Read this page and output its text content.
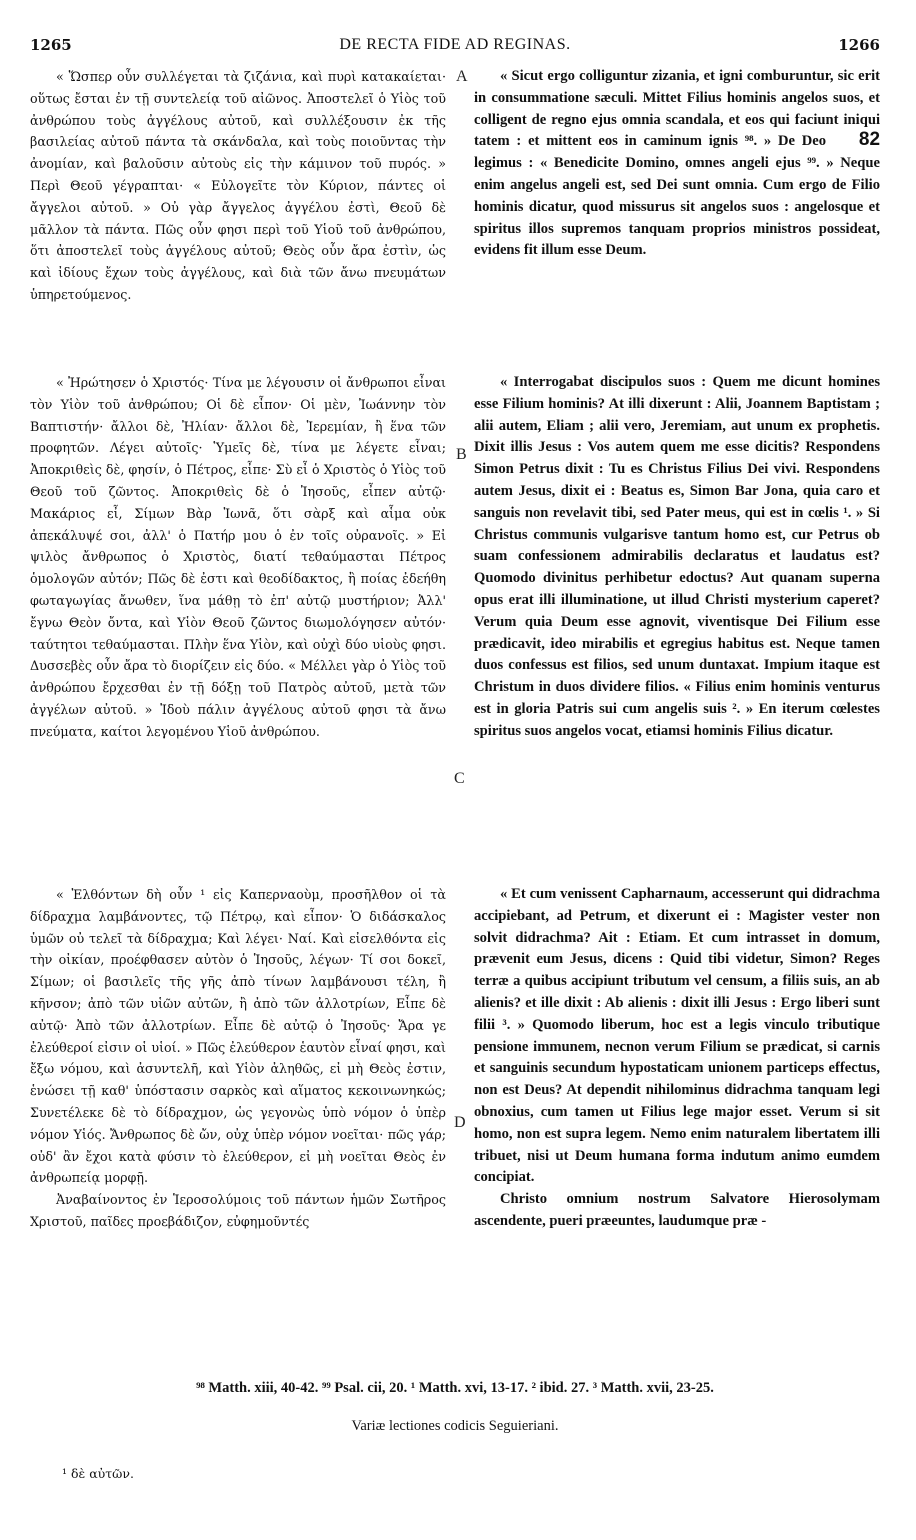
1265	DE RECTA FIDE AD REGINAS.	1266
A
B
C
D

« Ὥσπερ οὖν συλλέγεται τὰ ζιζάνια, καὶ πυρὶ κατακαίεται· οὕτως ἔσται ἐν τῇ συντελείᾳ τοῦ αἰῶνος. Ἀποστελεῖ ὁ Υἱὸς τοῦ ἀνθρώπου τοὺς ἀγγέλους αὐτοῦ, καὶ συλλέξουσιν ἐκ τῆς βασιλείας αὐτοῦ πάντα τὰ σκάνδαλα, καὶ τοὺς ποιοῦντας τὴν ἀνομίαν, καὶ βαλοῦσιν αὐτοὺς εἰς τὴν κάμινον τοῦ πυρός. » Περὶ Θεοῦ γέγραπται· « Εὐλογεῖτε τὸν Κύριον, πάντες οἱ ἄγγελοι αὐτοῦ. » Οὐ γὰρ ἄγγελος ἀγγέλου ἐστὶ, Θεοῦ δὲ μᾶλλον τὰ πάντα. Πῶς οὖν φησι περὶ τοῦ Υἱοῦ τοῦ ἀνθρώπου, ὅτι ἀποστελεῖ τοὺς ἀγγέλους αὐτοῦ; Θεὸς οὖν ἄρα ἐστὶν, ὡς καὶ ἰδίους ἔχων τοὺς ἀγγέλους, καὶ διὰ τῶν ἄνω πνευμάτων ὑπηρετούμενος.

« Ἠρώτησεν ὁ Χριστός· Τίνα με λέγουσιν οἱ ἄνθρωποι εἶναι τὸν Υἱὸν τοῦ ἀνθρώπου; Οἱ δὲ εἶπον· Οἱ μὲν, Ἰωάννην τὸν Βαπτιστήν· ἄλλοι δὲ, Ἠλίαν· ἄλλοι δὲ, Ἱερεμίαν, ἢ ἕνα τῶν προφητῶν. Λέγει αὐτοῖς· Ὑμεῖς δὲ, τίνα με λέγετε εἶναι; Ἀποκριθεὶς δὲ, φησίν, ὁ Πέτρος, εἶπε· Σὺ εἶ ὁ Χριστὸς ὁ Υἱὸς τοῦ Θεοῦ τοῦ ζῶντος. Ἀποκριθεὶς δὲ ὁ Ἰησοῦς, εἶπεν αὐτῷ· Μακάριος εἶ, Σίμων Βὰρ Ἰωνᾶ, ὅτι σὰρξ καὶ αἷμα οὐκ ἀπεκάλυψέ σοι, ἀλλ' ὁ Πατήρ μου ὁ ἐν τοῖς οὐρανοῖς. » Εἰ ψιλὸς ἄνθρωπος ὁ Χριστὸς, διατί τεθαύμασται Πέτρος ὁμολογῶν αὐτόν; Πῶς δὲ ἐστι καὶ θεοδίδακτος, ἢ ποίας ἐδεήθη φωταγωγίας ἄνωθεν, ἵνα μάθῃ τὸ ἐπ' αὐτῷ μυστήριον; Ἀλλ' ἔγνω Θεὸν ὄντα, καὶ Υἱὸν Θεοῦ ζῶντος διωμολόγησεν αὐτόν· ταύτητοι τεθαύμασται. Πλὴν ἕνα Υἱὸν, καὶ οὐχὶ δύο υἱοὺς φησι. Δυσσεβὲς οὖν ἄρα τὸ διορίζειν εἰς δύο. « Μέλλει γὰρ ὁ Υἱὸς τοῦ ἀνθρώπου ἔρχεσθαι ἐν τῇ δόξῃ τοῦ Πατρὸς αὐτοῦ, μετὰ τῶν ἀγγέλων αὐτοῦ. » Ἰδοὺ πάλιν ἀγγέλους αὐτοῦ φησι τὰ ἄνω πνεύματα, καίτοι λεγομένου Υἱοῦ ἀνθρώπου.

« Ἐλθόντων δὴ οὖν ¹ εἰς Καπερναοὺμ, προσῆλθον οἱ τὰ δίδραχμα λαμβάνοντες, τῷ Πέτρῳ, καὶ εἶπον· Ὁ διδάσκαλος ὑμῶν οὐ τελεῖ τὰ δίδραχμα; Καὶ λέγει· Ναί. Καὶ εἰσελθόντα εἰς τὴν οἰκίαν, προέφθασεν αὐτὸν ὁ Ἰησοῦς, λέγων· Τί σοι δοκεῖ, Σίμων; οἱ βασιλεῖς τῆς γῆς ἀπὸ τίνων λαμβάνουσι τέλη, ἢ κῆνσον; ἀπὸ τῶν υἱῶν αὐτῶν, ἢ ἀπὸ τῶν ἀλλοτρίων, Εἶπε δὲ αὐτῷ· Ἀπὸ τῶν ἀλλοτρίων. Εἶπε δὲ αὐτῷ ὁ Ἰησοῦς· Ἄρα γε ἐλεύθεροί εἰσιν οἱ υἱοί. » Πῶς ἐλεύθερον ἑαυτὸν εἶναί φησι, καὶ ἔξω νόμου, καὶ ἀσυντελῆ, καὶ Υἱὸν ἀληθῶς, εἰ μὴ Θεὸς ἐστιν, ἑνώσει τῇ καθ' ὑπόστασιν σαρκὸς καὶ αἵματος κεκοινωνηκώς; Συνετέλεκε δὲ τὸ δίδραχμον, ὡς γεγονὼς ὑπὸ νόμον ὁ ὑπὲρ νόμον Υἱός. Ἄνθρωπος δὲ ὤν, οὐχ ὑπὲρ νόμον νοεῖται· πῶς γάρ; οὐδ' ἂν ἔχοι κατὰ φύσιν τὸ ἐλεύθερον, εἰ μὴ νοεῖται Θεὸς ἐν ἀνθρωπείᾳ μορφῇ.

Ἀναβαίνοντος ἐν Ἱεροσολύμοις τοῦ πάντων ἡμῶν Σωτῆρος Χριστοῦ, παῖδες προεβάδιζον, εὐφημοῦντές

« Sicut ergo colliguntur zizania, et igni comburuntur, sic erit in consummatione sæculi. Mittet Filius hominis angelos suos, et colligent de regno ejus omnia scandala, et eos qui faciunt iniqui tatem : et mittent eos in caminum ignis ⁹⁸. » De Deo 82 legimus : « Benedicite Domino, omnes angeli ejus ⁹⁹. » Neque enim angelus angeli est, sed Dei sunt omnia. Cum ergo de Filio hominis dicatur, quod missurus sit angelos suos : angelosque et spiritus illos supremos tanquam proprios ministros possideat, evidens fit illum esse Deum.

« Interrogabat discipulos suos : Quem me dicunt homines esse Filium hominis? At illi dixerunt : Alii, Joannem Baptistam ; alii autem, Eliam ; alii vero, Jeremiam, aut unum ex prophetis. Dixit illis Jesus : Vos autem quem me esse dicitis? Respondens Simon Petrus dixit : Tu es Christus Filius Dei vivi. Respondens autem Jesus, dixit ei : Beatus es, Simon Bar Jona, quia caro et sanguis non revelavit tibi, sed Pater meus, qui est in cœlis ¹. » Si Christus communis vulgarisve tantum homo est, cur Petrus ob suam confessionem admirabilis declaratus et laudatus est? Quomodo divinitus perhibetur edoctus? Aut quanam superna opus erat illi illuminatione, ut illud Christi mysterium caperet? Verum quia Deum esse agnovit, viventisque Dei Filium esse prædicavit, ideo mirabilis et egregius habitus est. Neque tamen duos confessus est filios, sed unum duntaxat. Impium itaque est Christum in duos dividere filios. « Filius enim hominis venturus est in gloria Patris sui cum angelis suis ². » En iterum cœlestes spiritus suos angelos vocat, etiamsi hominis Filius dicatur.

« Et cum venissent Capharnaum, accesserunt qui didrachma accipiebant, ad Petrum, et dixerunt ei : Magister vester non solvit didrachma? Ait : Etiam. Et cum intrasset in domum, prævenit eum Jesus, dicens : Quid tibi videtur, Simon? Reges terræ a quibus accipiunt tributum vel censum, a filiis suis, an ab alienis? et ille dixit : Ab alienis : dixit illi Jesus : Ergo liberi sunt filii ³. » Quomodo liberum, hoc est a legis vinculo tributique pensione immunem, necnon verum Filium se prædicat, si carnis et sanguinis secundum hypostaticam unionem particeps effectus, non est Deus? At dependit nihilominus didrachma tanquam legi obnoxius, cum tamen ut Filius lege major esset. Verum si sit homo, non est supra legem. Nemo enim naturalem libertatem illi tribuet, nisi ut Deum humana forma indutum animo eumdem concipiat.

Christo omnium nostrum Salvatore Hierosolymam ascendente, pueri præeuntes, laudumque præ -

⁹⁸ Matth. xiii, 40-42. ⁹⁹ Psal. cii, 20. ¹ Matth. xvi, 13-17. ² ibid. 27. ³ Matth. xvii, 23-25.
Variæ lectiones codicis Seguieriani.
¹ δὲ αὐτῶν.
